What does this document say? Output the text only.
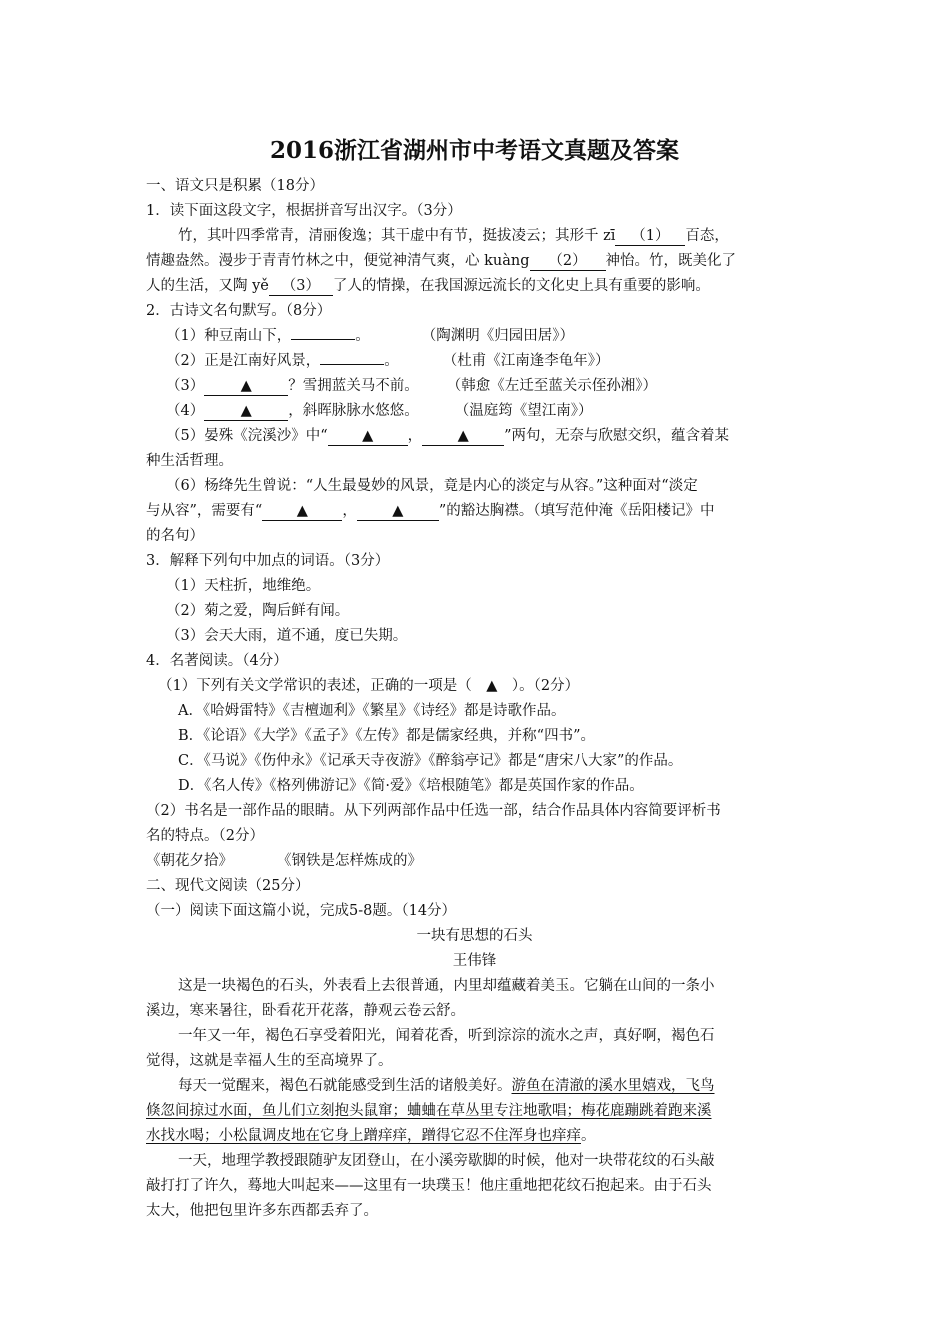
2016浙江省湖州市中考语文真题及答案
一、语文只是积累（18分）
1．读下面这段文字，根据拼音写出汉字。（3分）
竹，其叶四季常青，清丽俊逸；其干虚中有节，挺拔凌云；其形千 zī （1） 百态，
情趣盎然。漫步于青青竹林之中，便觉神清气爽，心 kuàng （2） 神怡。竹，既美化了
人的生活，又陶 yě （3） 了人的情操，在我国源远流长的文化史上具有重要的影响。
2．古诗文名句默写。（8分）
（1）种豆南山下，	。	（陶渊明《归园田居》）
（2）正是江南好风景，	。	（杜甫《江南逢李龟年》）
（3）	▲	？雪拥蓝关马不前。 （韩愈《左迁至蓝关示侄孙湘》）
（4）	▲	，斜晖脉脉水悠悠。 （温庭筠《望江南》）
（5）晏殊《浣溪沙》中“ ▲ ， ▲ ”两句，无奈与欣慰交织，蕴含着某
种生活哲理。
（6）杨绛先生曾说：“人生最曼妙的风景，竟是内心的淡定与从容。”这种面对“淡定
与从容”，需要有“ ▲ ， ▲ ”的豁达胸襟。（填写范仲淹《岳阳楼记》中
的名句）
3．解释下列句中加点的词语。（3分）
（1）天柱折，地维绝。
（2）菊之爱，陶后鲜有闻。
（3）会天大雨，道不通，度已失期。
4．名著阅读。（4分）
（1）下列有关文学常识的表述，正确的一项是（　▲　）。（2分）
A．《哈姆雷特》《吉檀迦利》《繁星》《诗经》都是诗歌作品。
B．《论语》《大学》《孟子》《左传》都是儒家经典，并称“四书”。
C．《马说》《伤仲永》《记承天寺夜游》《醉翁亭记》都是“唐宋八大家”的作品。
D．《名人传》《格列佛游记》《简·爱》《培根随笔》都是英国作家的作品。
（2）书名是一部作品的眼睛。从下列两部作品中任选一部，结合作品具体内容简要评析书
名的特点。（2分）
《朝花夕拾》	《钢铁是怎样炼成的》
二、现代文阅读（25分）
（一）阅读下面这篇小说，完成5-8题。（14分）
一块有思想的石头
王伟锋
这是一块褐色的石头，外表看上去很普通，内里却蕴藏着美玉。它躺在山间的一条小
溪边，寒来暑往，卧看花开花落，静观云卷云舒。
一年又一年，褐色石享受着阳光，闻着花香，听到淙淙的流水之声，真好啊，褐色石
觉得，这就是幸福人生的至高境界了。
每天一觉醒来，褐色石就能感受到生活的诸般美好。游鱼在清澈的溪水里嬉戏，飞鸟
倏忽间掠过水面，鱼儿们立刻抱头鼠窜；蛐蛐在草丛里专注地歌唱；梅花鹿蹦跳着跑来溪
水找水喝；小松鼠调皮地在它身上蹭痒痒，蹭得它忍不住浑身也痒痒。
一天，地理学教授跟随驴友团登山，在小溪旁歇脚的时候，他对一块带花纹的石头敲
敲打打了许久，蓦地大叫起来——这里有一块璞玉！他庄重地把花纹石抱起来。由于石头
太大，他把包里许多东西都丢弃了。
